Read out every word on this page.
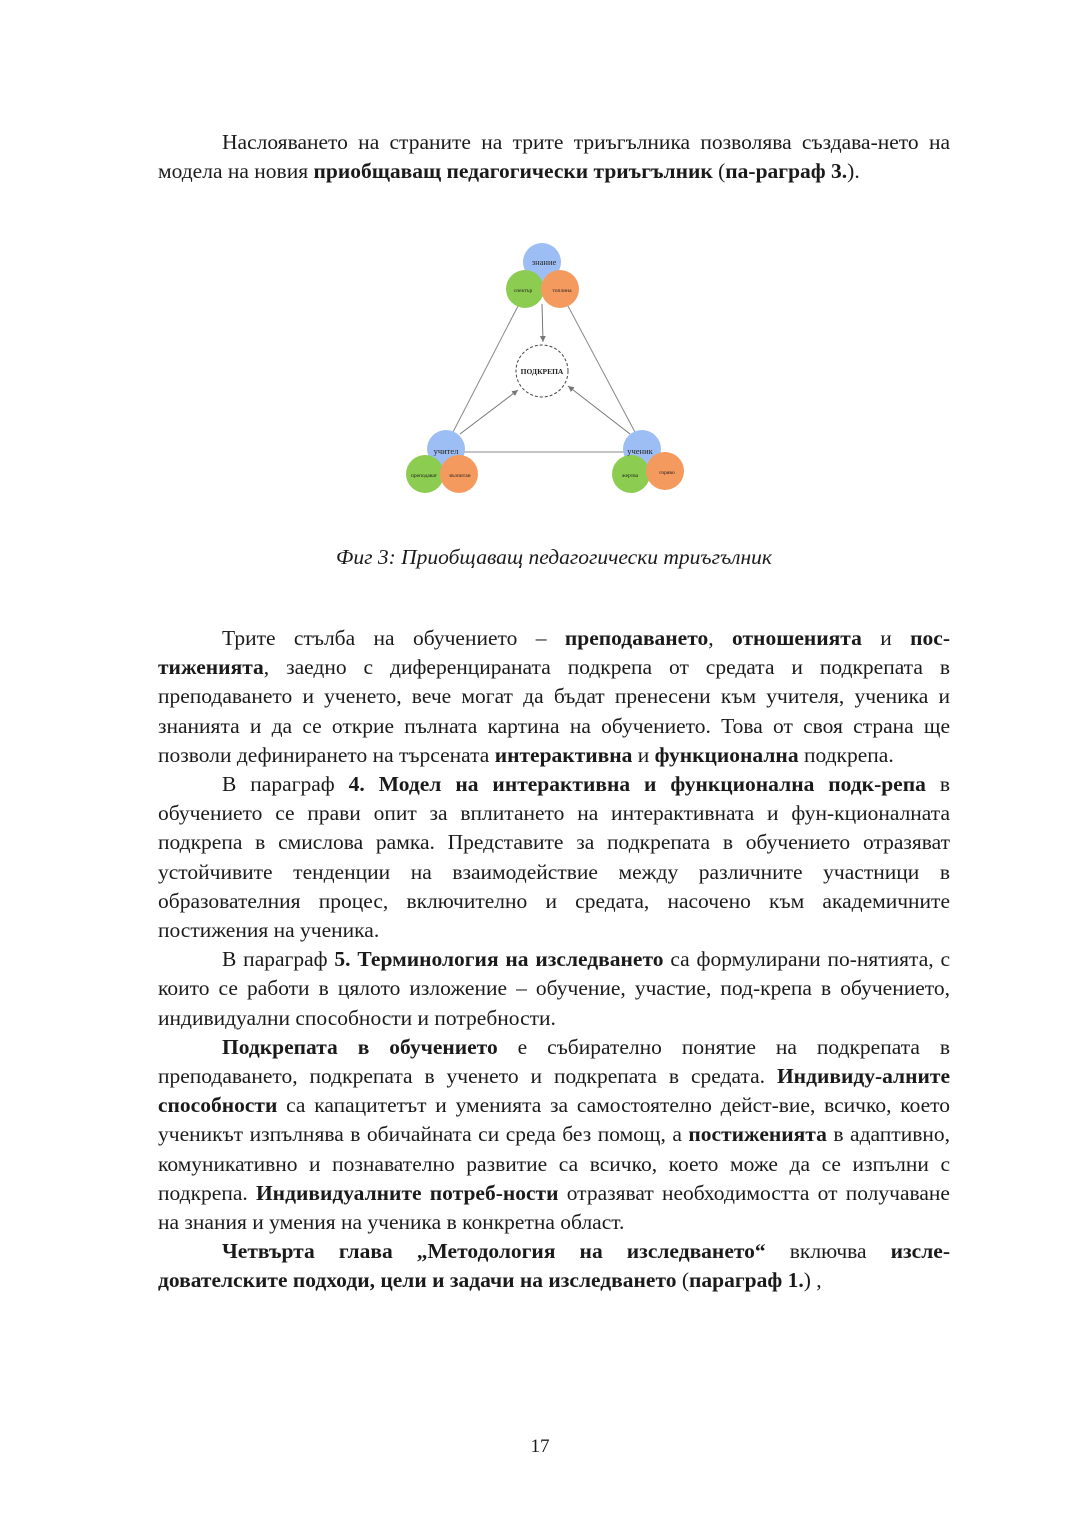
Наслояването на страните на трите триъгълника позволява създава-нето на модела на новия приобщаващ педагогически триъгълник (па-раграф 3.).

ПОДКРЕПА
знание
спектър	топлина
учител
преподават възпитан
ученик
жертва	горяво
Фиг 3: Приобщаващ педагогически триъгълник

Трите стълба на обучението – преподаването, отношенията и пос-тиженията, заедно с диференцираната подкрепа от средата и подкрепата в преподаването и ученето, вече могат да бъдат пренесени към учителя, ученика и знанията и да се открие пълната картина на обучението. Това от своя страна ще позволи дефинирането на търсената интерактивна и функционална подкрепа.

В параграф 4. Модел на интерактивна и функционална подк-репа в обучението се прави опит за вплитането на интерактивната и фун-кционалната подкрепа в смислова рамка. Представите за подкрепата в обучението отразяват устойчивите тенденции на взаимодействие между различните участници в образователния процес, включително и средата, насочено към академичните постижения на ученика.

В параграф 5. Терминология на изследването са формулирани по-нятията, с които се работи в цялото изложение – обучение, участие, под-крепа в обучението, индивидуални способности и потребности.

Подкрепата в обучението е събирателно понятие на подкрепата в преподаването, подкрепата в ученето и подкрепата в средата. Индивиду-алните способности са капацитетът и уменията за самостоятелно дейст-вие, всичко, което ученикът изпълнява в обичайната си среда без помощ, а постиженията в адаптивно, комуникативно и познавателно развитие са всичко, което може да се изпълни с подкрепа. Индивидуалните потреб-ности отразяват необходимостта от получаване на знания и умения на ученика в конкретна област.

Четвърта глава „Методология на изследването“ включва изсле-дователските подходи, цели и задачи на изследването (параграф 1.) ,

17
